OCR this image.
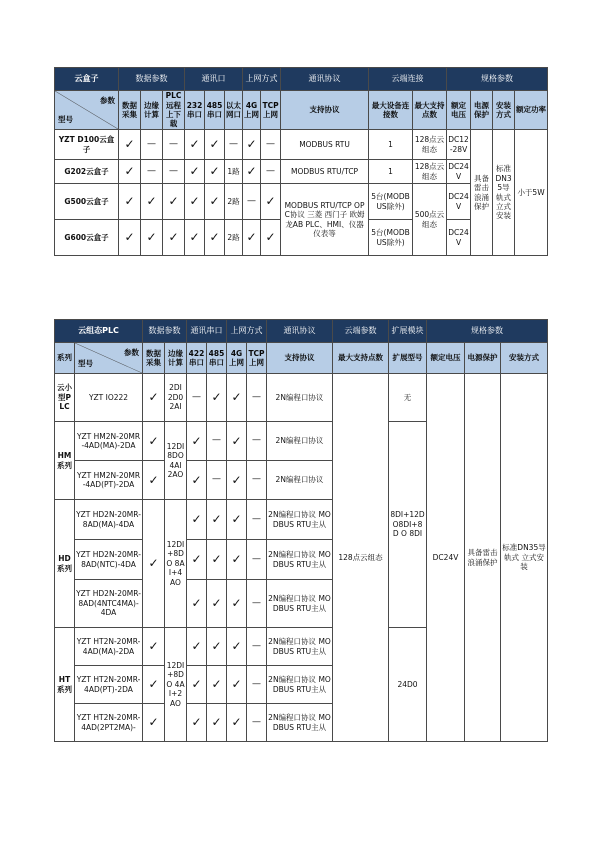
云盒子	数据参数			通讯口			上网方式		通讯协议	云端连接		规格参数			

型号
参数	数据采集	边缘计算	PLC远程上下载	232串口	485串口	以太网口	4G上网	TCP上网	支持协议	最大设备连接数	最大支持点数	额定电压	电源保护	安装方式	额定功率
YZT D100云盒子	✓	—	—	✓	✓	—	✓	—	MODBUS RTU	1	128点云组态	DC12-28V	具备雷击浪涌保护	标准DN35导轨式立式安装	小于5W
G202云盒子	✓	—	—	✓	✓	1路	✓	—	MODBUS RTU/TCP	1	128点云组态	DC24V			
G500云盒子	✓	✓	✓	✓	✓	2路	—	✓	MODBUS RTU/TCP OPC协议 三菱 西门子 欧姆龙AB PLC、HMI、仪器仪表等	5台(MODBUS除外)	500点云组态	DC24V			
G600云盒子	✓	✓	✓	✓	✓	2路	✓	✓		5台(MODBUS除外)		DC24V			
云组态PLC		数据参数		通讯串口		上网方式		通讯协议	云端参数	扩展模块	规格参数		
系列	型号
参数	数据采集	边缘计算	422串口	485串口	4G上网	TCP上网	支持协议	最大支持点数	扩展型号	额定电压	电源保护	安装方式
云小型PLC	YZT IO222	✓	2DI 2D0 2AI	—	✓	✓	—	2N编程口协议	128点云组态	无	DC24V	具备雷击浪涌保护	标准DN35导轨式 立式安装
HM系列	YZT HM2N-20MR-4AD(MA)-2DA	✓	12DI 8DO 4AI 2AO	✓	—	✓	—	2N编程口协议		8DI+12D O8DI+8D O 8DI			
	YZT HM2N-20MR-4AD(PT)-2DA	✓		✓	—	✓	—	2N编程口协议					
HD系列	YZT HD2N-20MR-8AD(MA)-4DA	✓	12DI +8D O 8AI+4 AO	✓	✓	✓	—	2N编程口协议 MODBUS RTU主从					
	YZT HD2N-20MR-8AD(NTC)-4DA			✓	✓	✓	—	2N编程口协议 MODBUS RTU主从					
	YZT HD2N-20MR-8AD(4NTC4MA)-4DA			✓	✓	✓	—	2N编程口协议 MODBUS RTU主从					
HT系列	YZT HT2N-20MR-4AD(MA)-2DA	✓	12DI +8D O 4AI+2 AO	✓	✓	✓	—	2N编程口协议 MODBUS RTU主从		24D0			
	YZT HT2N-20MR-4AD(PT)-2DA	✓		✓	✓	✓	—	2N编程口协议 MODBUS RTU主从					
	YZT HT2N-20MR-4AD(2PT2MA)-	✓		✓	✓	✓	—	2N编程口协议 MODBUS RTU主从					
